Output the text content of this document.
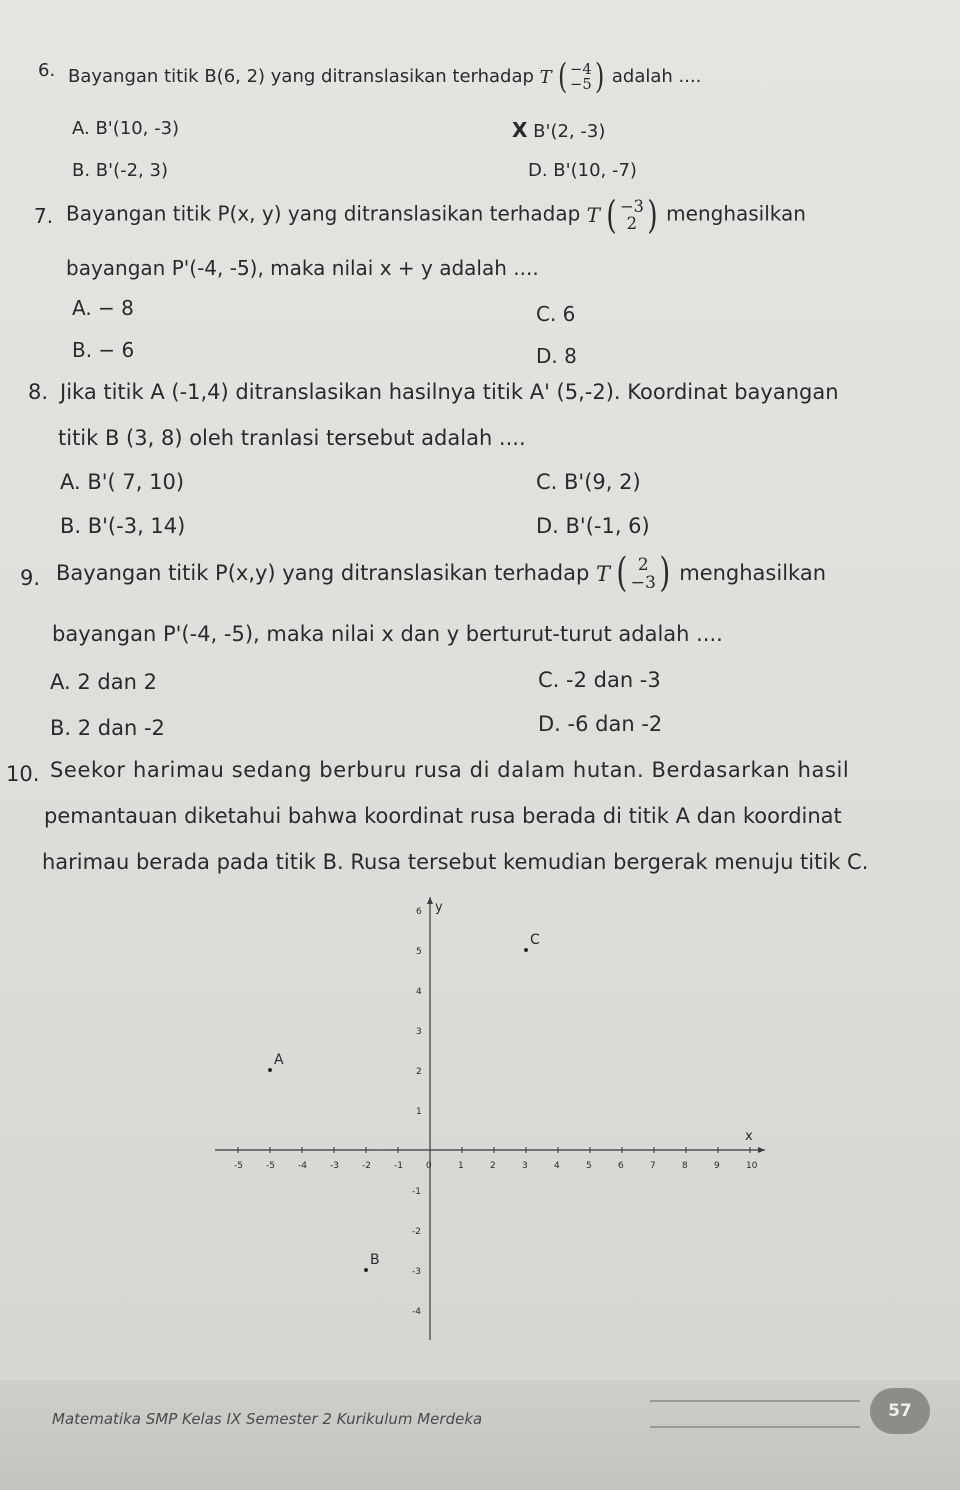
6. Bayangan titik B(6, 2) yang ditranslasikan terhadap T ( −4
−5 ) adalah ....
A. B'(10, -3)	X B'(2, -3)
B. B'(-2, 3)	D. B'(10, -7)
7. Bayangan titik P(x, y) yang ditranslasikan terhadap T ( −3
2 ) menghasilkan
bayangan P'(-4, -5), maka nilai x + y adalah ....
A. − 8	C. 6
B. − 6	D. 8
8. Jika titik A (-1,4) ditranslasikan hasilnya titik A' (5,-2). Koordinat bayangan
titik B (3, 8) oleh tranlasi tersebut adalah ....
A. B'( 7, 10)	C. B'(9, 2)
B. B'(-3, 14)	D. B'(-1, 6)
9. Bayangan titik P(x,y) yang ditranslasikan terhadap T ( 2
−3 ) menghasilkan
bayangan P'(-4, -5), maka nilai x dan y berturut-turut adalah ....
A. 2 dan 2	C. -2 dan -3
B. 2 dan -2	D. -6 dan -2
10. Seekor harimau sedang berburu rusa di dalam hutan. Berdasarkan hasil
pemantauan diketahui bahwa koordinat rusa berada di titik A dan koordinat
harimau berada pada titik B. Rusa tersebut kemudian bergerak menuju titik C.
x
y
-5	-5	-4	-3	-2	-1	0	1	2	3	4	5	6	7	8	9	10
6
5
4
3
2
1
-1
-2
-3
-4
A
B
C
Matematika SMP Kelas IX Semester 2 Kurikulum Merdeka	57
